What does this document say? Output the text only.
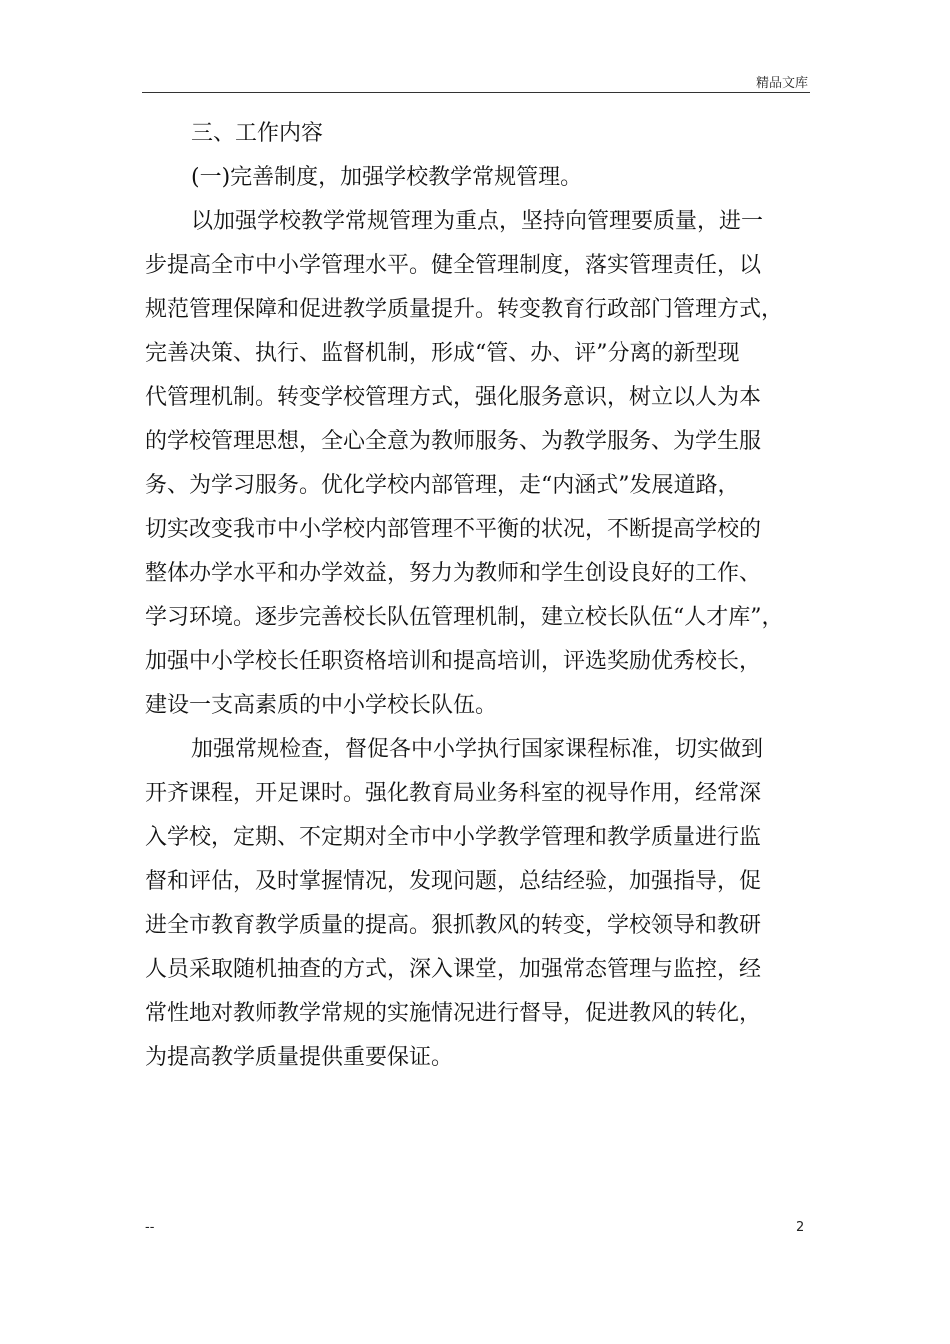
精品文库
三、工作内容
(一)完善制度，加强学校教学常规管理。
以加强学校教学常规管理为重点，坚持向管理要质量，进一
步提高全市中小学管理水平。健全管理制度，落实管理责任，以
规范管理保障和促进教学质量提升。转变教育行政部门管理方式，
完善决策、执行、监督机制，形成“管、办、评”分离的新型现
代管理机制。转变学校管理方式，强化服务意识，树立以人为本
的学校管理思想，全心全意为教师服务、为教学服务、为学生服
务、为学习服务。优化学校内部管理，走“内涵式”发展道路，
切实改变我市中小学校内部管理不平衡的状况，不断提高学校的
整体办学水平和办学效益，努力为教师和学生创设良好的工作、
学习环境。逐步完善校长队伍管理机制，建立校长队伍“人才库”，
加强中小学校长任职资格培训和提高培训，评选奖励优秀校长，
建设一支高素质的中小学校长队伍。
加强常规检查，督促各中小学执行国家课程标准，切实做到
开齐课程，开足课时。强化教育局业务科室的视导作用，经常深
入学校，定期、不定期对全市中小学教学管理和教学质量进行监
督和评估，及时掌握情况，发现问题，总结经验，加强指导，促
进全市教育教学质量的提高。狠抓教风的转变，学校领导和教研
人员采取随机抽查的方式，深入课堂，加强常态管理与监控，经
常性地对教师教学常规的实施情况进行督导，促进教风的转化，
为提高教学质量提供重要保证。
--	2
